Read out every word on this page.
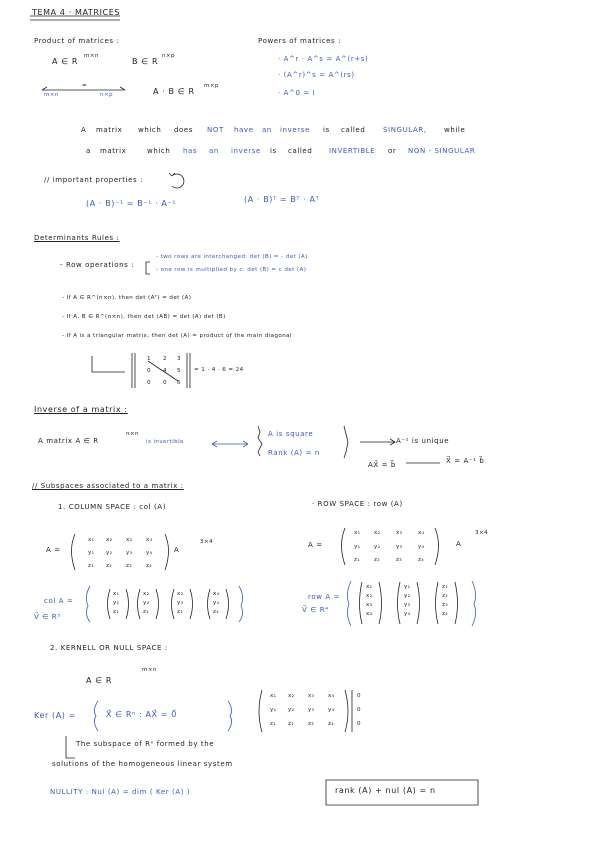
TEMA 4 · MATRICES
Product of matrices :
A ∈ R
m×n
B ∈ R
n×p
m×n
=
n×p	A · B ∈ R
m×p
Powers of matrices :
· A^r · A^s = A^(r+s)
· (A^r)^s = A^(rs)
· A^0 = I
A matrix which does NOT have an inverse is called	SINGULAR, while
a matrix	which has an inverse is called INVERTIBLE or NON - SINGULAR
// important properties :
(A · B)⁻¹ = B⁻¹ · A⁻¹	(A · B)ᵀ = Bᵀ · Aᵀ
Determinants Rules :
- Row operations :
- two rows are interchanged: det (B) = - det (A)
- one row is multiplied by c: det (B) = c det (A)
- If A ∈ R^(n×n), then det (Aᵀ) = det (A)
- If A, B ∈ R^(n×n), then det (AB) = det (A) det (B)
- If A is a triangular matrix, then det (A) = product of the main diagonal
1 2 3
0 4 5
0 0 6
= 1 · 4 · 6 = 24
Inverse of a matrix :
A matrix A ∈ R
n×n
is invertible
A is square
Rank (A) = n
A⁻¹ is unique
AX⃗ = b⃗	X⃗ = A⁻¹ b⃗
// Subspaces associated to a matrix :
1. COLUMN SPACE : col (A)	· ROW SPACE : row (A)
A =
x₁ x₂ x₃ x₄
y₁ y₂ y₃ y₄
z₁ z₂	z₃	z₄
A
3×4	A =
x₁ x₂	x₃	x₄
y₁ y₂	y₃	y₄
z₁	z₂	z₃	z₄
A
3×4
col A =
V⃗ ∈ R³
x₁
y₁
z₁
x₂
y₂
z₂
x₃
y₃
z₃
x₄
y₄
z₄
row A =
V⃗ ∈ R⁴
x₁
x₂
x₃
x₄
y₁
y₂
y₃
y₄
z₁
z₂
z₃
z₄
2. KERNELL OR NULL SPACE :
A ∈ R
m×n
Ker (A) =	X⃗ ∈ Rⁿ : AX⃗ = 0⃗
x₁ x₂ x₃ x₄
y₁ y₂ y₃ y₄
z₁ z₂	z₃	z₄
0
0
0
The subspace of Rⁿ formed by the
solutions of the homogeneous linear system
NULLITY : Nul (A) = dim ( Ker (A) )	rank (A) + nul (A) = n
